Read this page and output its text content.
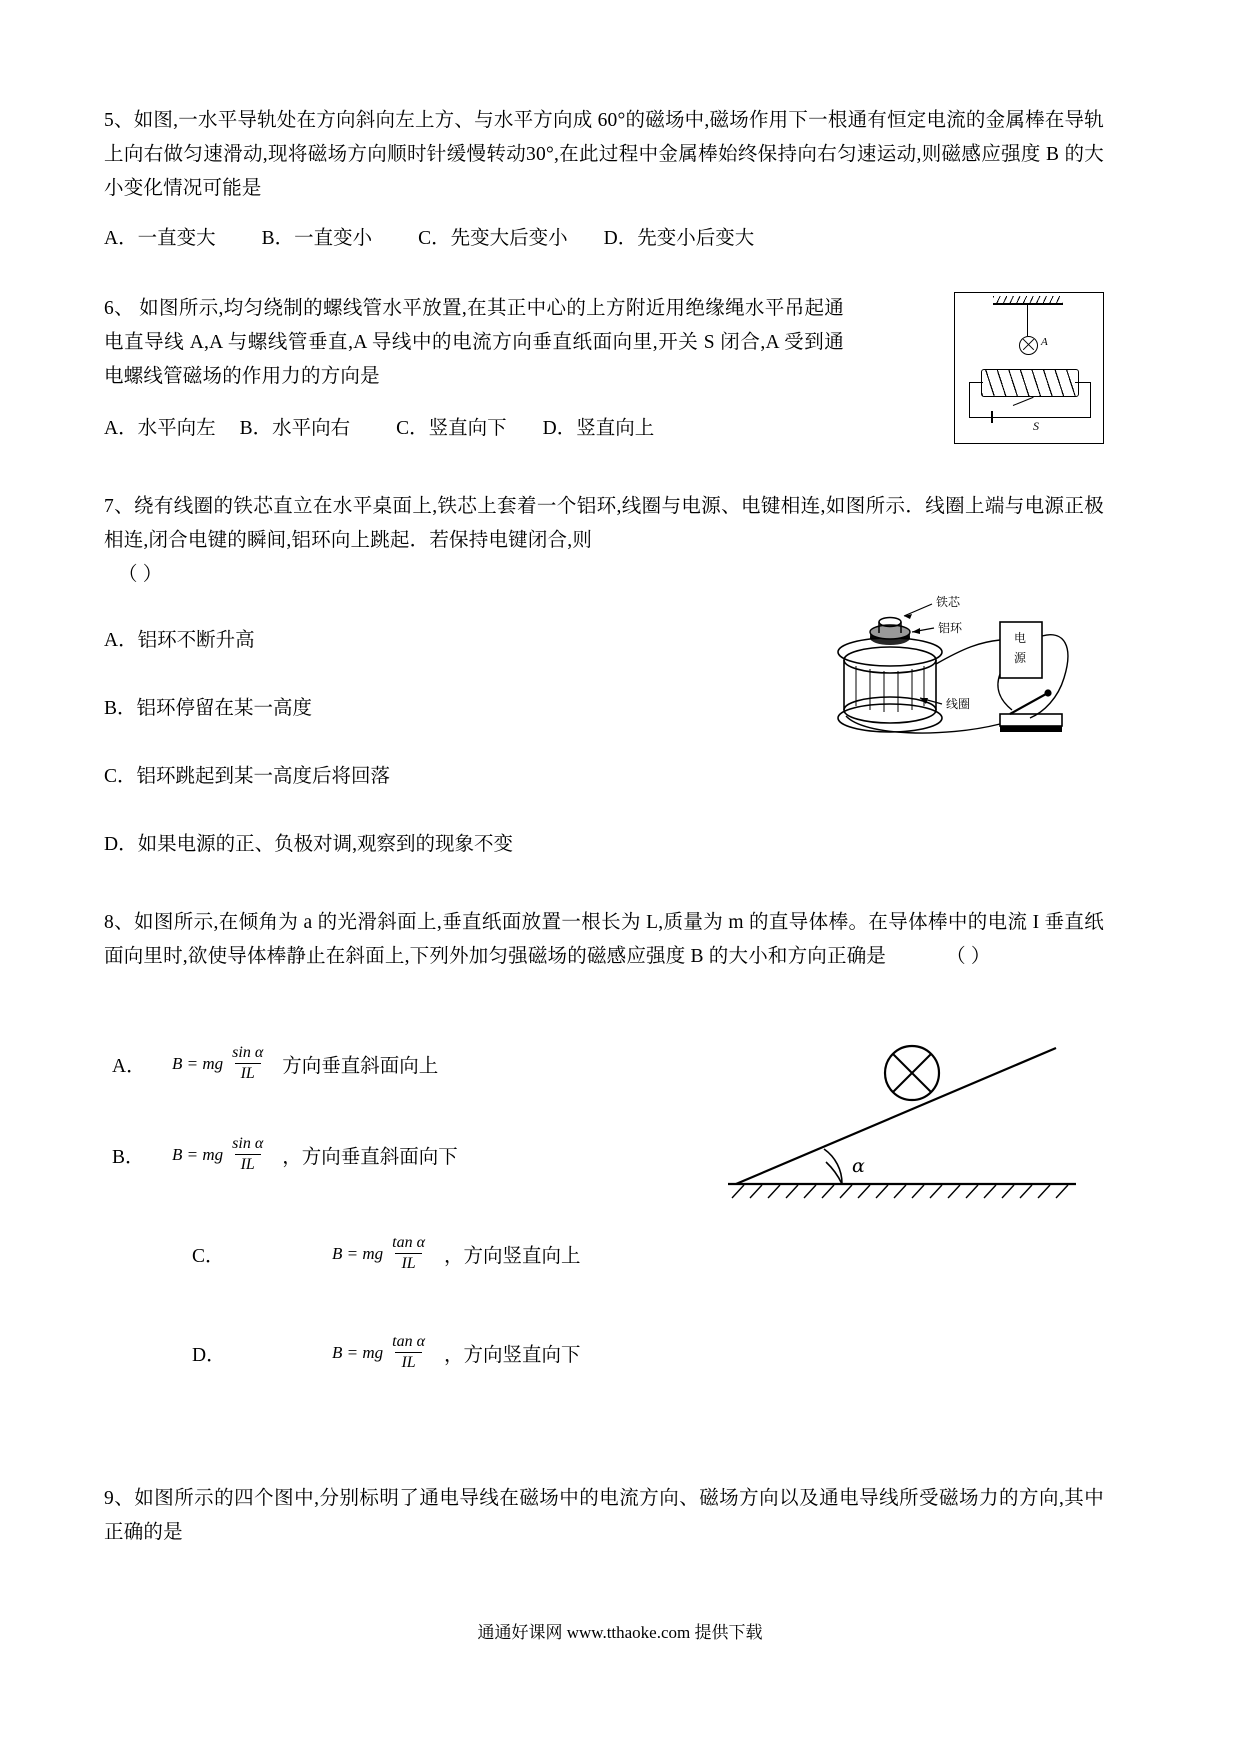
5、如图,一水平导轨处在方向斜向左上方、与水平方向成 60°的磁场中,磁场作用下一根通有恒定电流的金属棒在导轨上向右做匀速滑动,现将磁场方向顺时针缓慢转动30°,在此过程中金属棒始终保持向右匀速运动,则磁感应强度 B 的大小变化情况可能是
A．一直变大 B．一直变小 C．先变大后变小 D．先变小后变大
6、 如图所示,均匀绕制的螺线管水平放置,在其正中心的上方附近用绝缘绳水平吊起通电直导线 A,A 与螺线管垂直,A 导线中的电流方向垂直纸面向里,开关 S 闭合,A 受到通电螺线管磁场的作用力的方向是
A．水平向左 B．水平向右 C．竖直向下 D．竖直向上
A
S
7、绕有线圈的铁芯直立在水平桌面上,铁芯上套着一个铝环,线圈与电源、电键相连,如图所示．线圈上端与电源正极相连,闭合电键的瞬间,铝环向上跳起．若保持电键闭合,则
（ ）
A．铝环不断升高
B．铝环停留在某一高度
C．铝环跳起到某一高度后将回落
D．如果电源的正、负极对调,观察到的现象不变
铁芯
铝环
线圈
电
源
8、如图所示,在倾角为 a 的光滑斜面上,垂直纸面放置一根长为 L,质量为 m 的直导体棒。在导体棒中的电流 I 垂直纸面向里时,欲使导体棒静止在斜面上,下列外加匀强磁场的磁感应强度 B 的大小和方向正确是	（ ）
α
A．	B = mg $\frac{\text{sin α}}{IL}$ 方向垂直斜面向上
B．	B = mg $\frac{\text{sin α}}{IL}$ ，方向垂直斜面向下
C．	B = mg $\frac{\text{tan α}}{IL}$ ，方向竖直向上
D．	B = mg $\frac{\text{tan α}}{IL}$ ，方向竖直向下
9、如图所示的四个图中,分别标明了通电导线在磁场中的电流方向、磁场方向以及通电导线所受磁场力的方向,其中正确的是
通通好课网 www.tthaoke.com 提供下载
